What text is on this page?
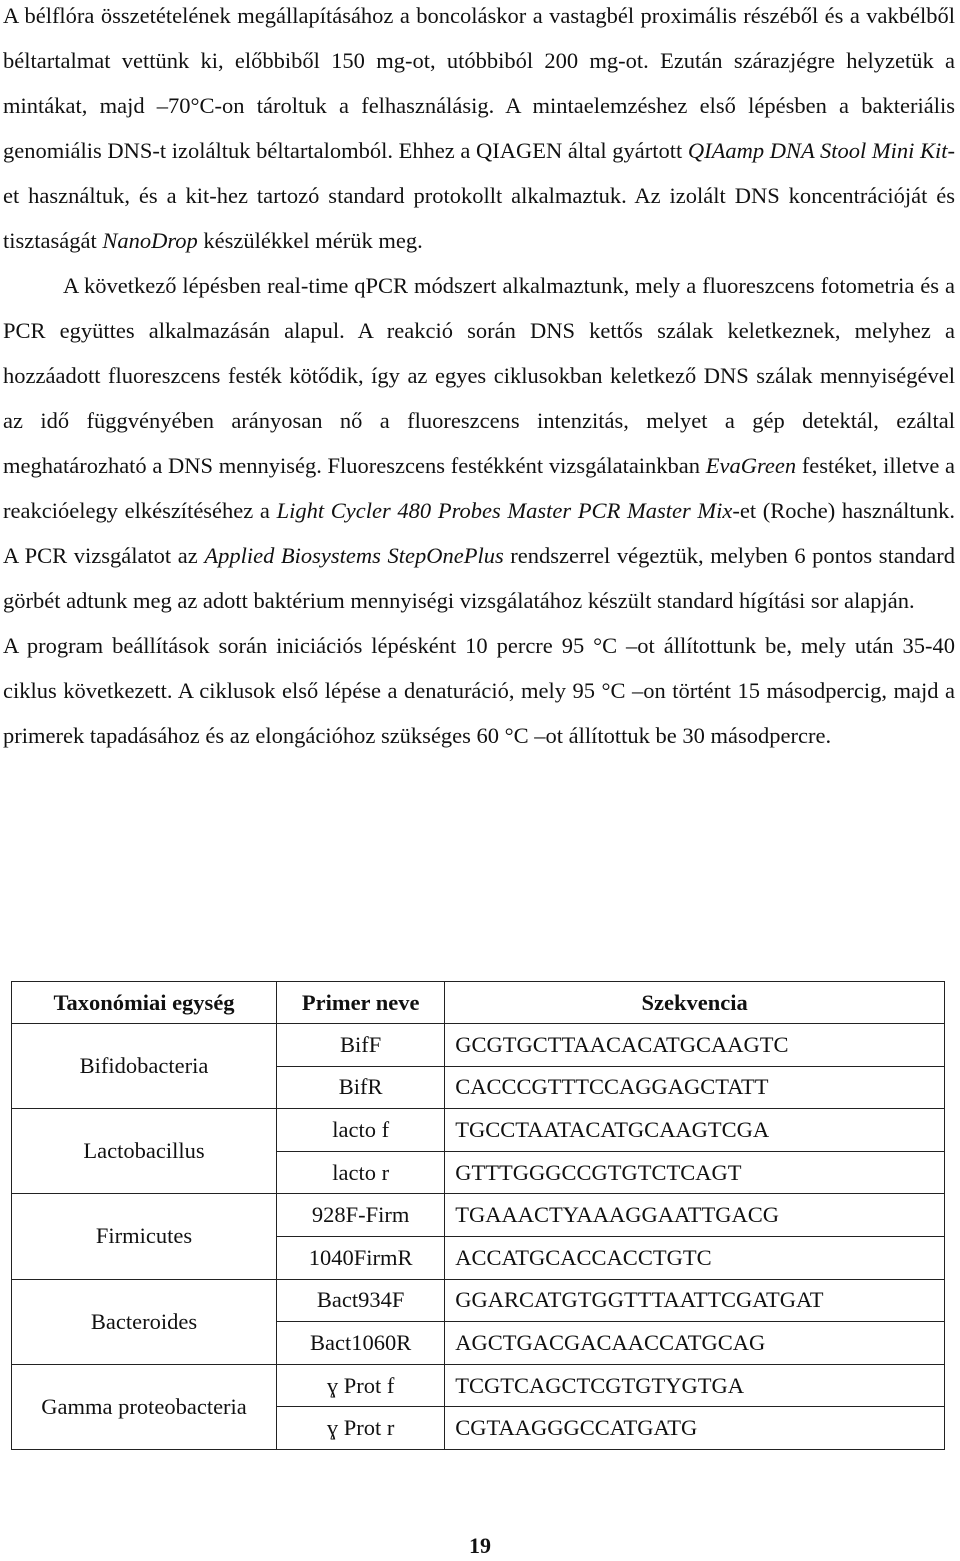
A bélflóra összetételének megállapításához a boncoláskor a vastagbél proximális részéből és a vakbélből béltartalmat vettünk ki, előbbiből 150 mg-ot, utóbbiból 200 mg-ot. Ezután szárazjégre helyzetük a mintákat, majd –70°C-on tároltuk a felhasználásig. A mintaelemzéshez első lépésben a bakteriális genomiális DNS-t izoláltuk béltartalomból. Ehhez a QIAGEN által gyártott QIAamp DNA Stool Mini Kit-et használtuk, és a kit-hez tartozó standard protokollt alkalmaztuk. Az izolált DNS koncentrációját és tisztaságát NanoDrop készülékkel mérük meg.

A következő lépésben real-time qPCR módszert alkalmaztunk, mely a fluoreszcens fotometria és a PCR együttes alkalmazásán alapul. A reakció során DNS kettős szálak keletkeznek, melyhez a hozzáadott fluoreszcens festék kötődik, így az egyes ciklusokban keletkező DNS szálak mennyiségével az idő függvényében arányosan nő a fluoreszcens intenzitás, melyet a gép detektál, ezáltal meghatározható a DNS mennyiség. Fluoreszcens festékként vizsgálatainkban EvaGreen festéket, illetve a reakcióelegy elkészítéséhez a Light Cycler 480 Probes Master PCR Master Mix-et (Roche) használtunk. A PCR vizsgálatot az Applied Biosystems StepOnePlus rendszerrel végeztük, melyben 6 pontos standard görbét adtunk meg az adott baktérium mennyiségi vizsgálatához készült standard hígítási sor alapján.

A program beállítások során iniciációs lépésként 10 percre 95 °C –ot állítottunk be, mely után 35-40 ciklus következett. A ciklusok első lépése a denaturáció, mely 95 °C –on történt 15 másodpercig, majd a primerek tapadásához és az elongációhoz szükséges 60 °C –ot állítottuk be 30 másodpercre.

Taxonómiai egység	Primer neve	Szekvencia
Bifidobacteria	BifF	GCGTGCTTAACACATGCAAGTC
	BifR	CACCCGTTTCCAGGAGCTATT
Lactobacillus	lacto f	TGCCTAATACATGCAAGTCGA
	lacto r	GTTTGGGCCGTGTCTCAGT
Firmicutes	928F-Firm	TGAAACTYAAAGGAATTGACG
	1040FirmR	ACCATGCACCACCTGTC
Bacteroides	Bact934F	GGARCATGTGGTTTAATTCGATGAT
	Bact1060R	AGCTGACGACAACCATGCAG
Gamma proteobacteria	ɣ Prot f	TCGTCAGCTCGTGTYGTGA
	ɣ Prot r	CGTAAGGGCCATGATG
19
